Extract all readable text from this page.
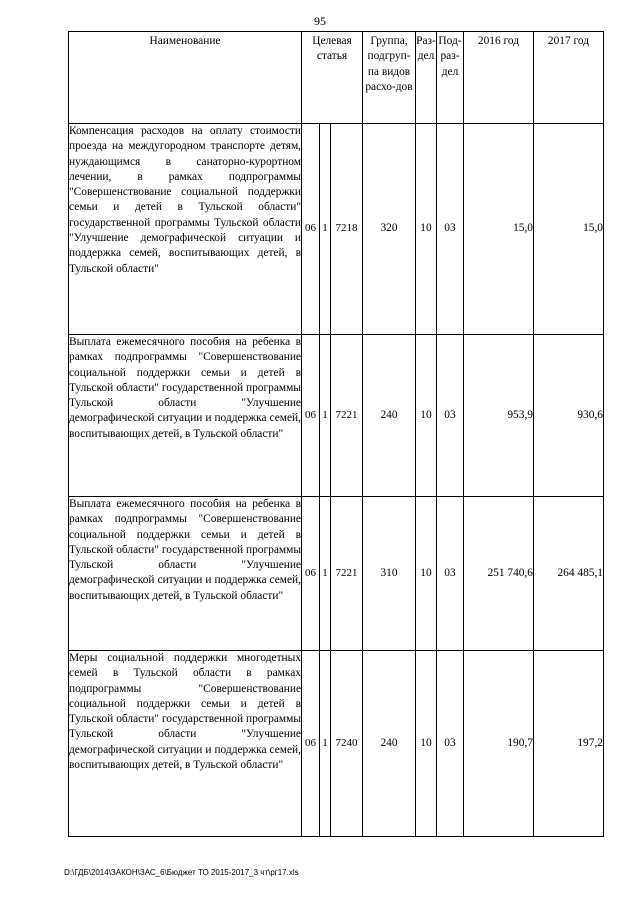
95
Наименование	Целевая статья			Группа, подгруп-па видов расхо-дов	Раз-дел	Под-раз-дел	2016 год	2017 год
Компенсация расходов на оплату стоимости проезда на междугородном транспорте детям, нуждающимся в санаторно-курортном лечении, в рамках подпрограммы "Совершенствование социальной поддержки семьи и детей в Тульской области" государственной программы Тульской области "Улучшение демографической ситуации и поддержка семей, воспитывающих детей, в Тульской области"	06	1	7218	320	10	03	15,0	15,0
Выплата ежемесячного пособия на ребенка в рамках подпрограммы "Совершенствование социальной поддержки семьи и детей в Тульской области" государственной программы Тульской области "Улучшение демографической ситуации и поддержка семей, воспитывающих детей, в Тульской области"	06	1	7221	240	10	03	953,9	930,6
Выплата ежемесячного пособия на ребенка в рамках подпрограммы "Совершенствование социальной поддержки семьи и детей в Тульской области" государственной программы Тульской области "Улучшение демографической ситуации и поддержка семей, воспитывающих детей, в Тульской области"	06	1	7221	310	10	03	251 740,6	264 485,1
Меры социальной поддержки многодетных семей в Тульской области в рамках подпрограммы "Совершенствование социальной поддержки семьи и детей в Тульской области" государственной программы Тульской области "Улучшение демографической ситуации и поддержка семей, воспитывающих детей, в Тульской области"	06	1	7240	240	10	03	190,7	197,2
D:\ГДБ\2014\ЗАКОН\ЗАС_6\Бюджет ТО 2015-2017_3 чт\рг17.xls
